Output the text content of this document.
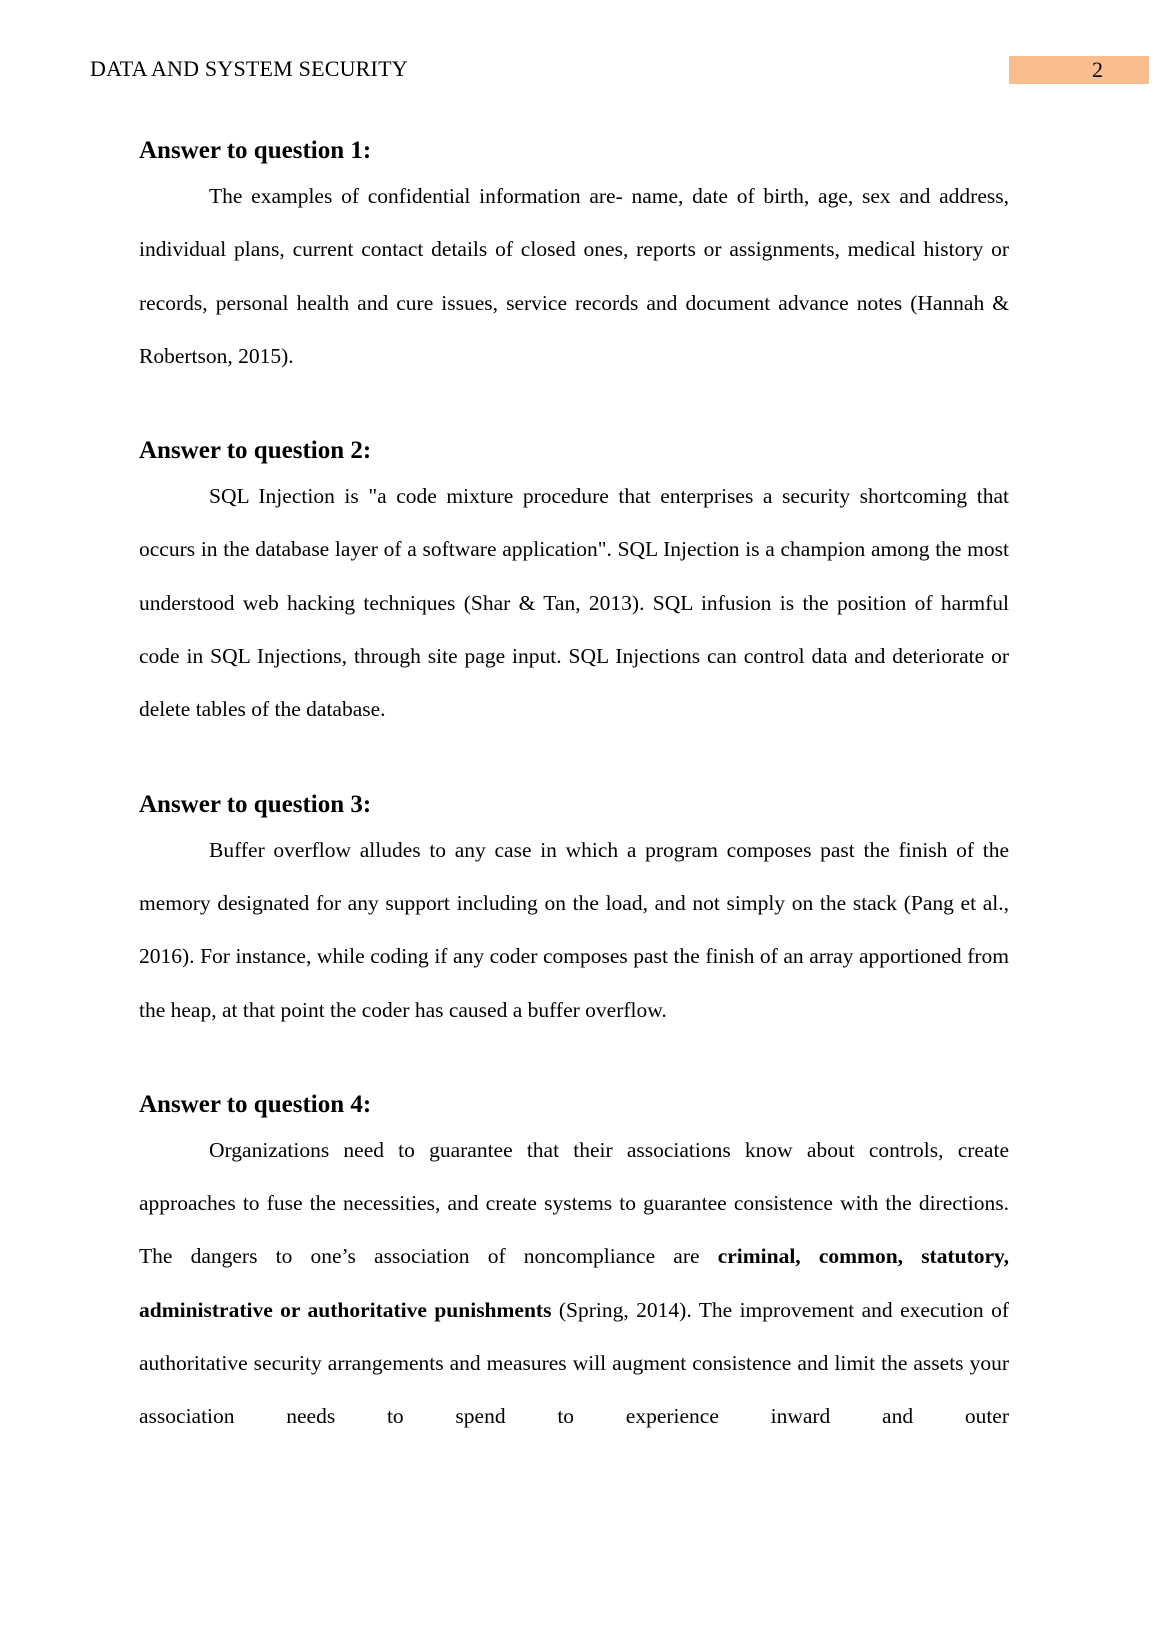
DATA AND SYSTEM SECURITY	2
Answer to question 1:

The examples of confidential information are- name, date of birth, age, sex and address, individual plans, current contact details of closed ones, reports or assignments, medical history or records, personal health and cure issues, service records and document advance notes (Hannah & Robertson, 2015).

Answer to question 2:

SQL Injection is "a code mixture procedure that enterprises a security shortcoming that occurs in the database layer of a software application". SQL Injection is a champion among the most understood web hacking techniques (Shar & Tan, 2013). SQL infusion is the position of harmful code in SQL Injections, through site page input. SQL Injections can control data and deteriorate or delete tables of the database.

Answer to question 3:

Buffer overflow alludes to any case in which a program composes past the finish of the memory designated for any support including on the load, and not simply on the stack (Pang et al., 2016). For instance, while coding if any coder composes past the finish of an array apportioned from the heap, at that point the coder has caused a buffer overflow.

Answer to question 4:

Organizations need to guarantee that their associations know about controls, create approaches to fuse the necessities, and create systems to guarantee consistence with the directions. The dangers to one’s association of noncompliance are criminal, common, statutory, administrative or authoritative punishments (Spring, 2014). The improvement and execution of authoritative security arrangements and measures will augment consistence and limit the assets your association needs to spend to experience inward and outer
